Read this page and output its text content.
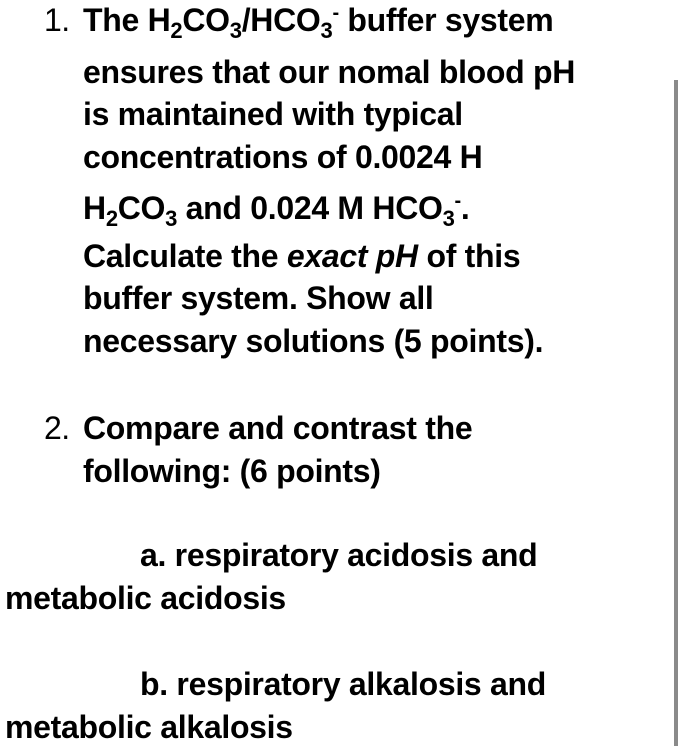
1. The $H_2CO_3/HCO_3^-$ buffer system
ensures that our nomal blood pH
is maintained with typical
concentrations of 0.0024 H
$H_2CO_3$ and 0.024 M $HCO_3^-$.
Calculate the exact pH of this
buffer system. Show all
necessary solutions (5 points).
2. Compare and contrast the
following: (6 points)
a. respiratory acidosis and
metabolic acidosis
b. respiratory alkalosis and
metabolic alkalosis
